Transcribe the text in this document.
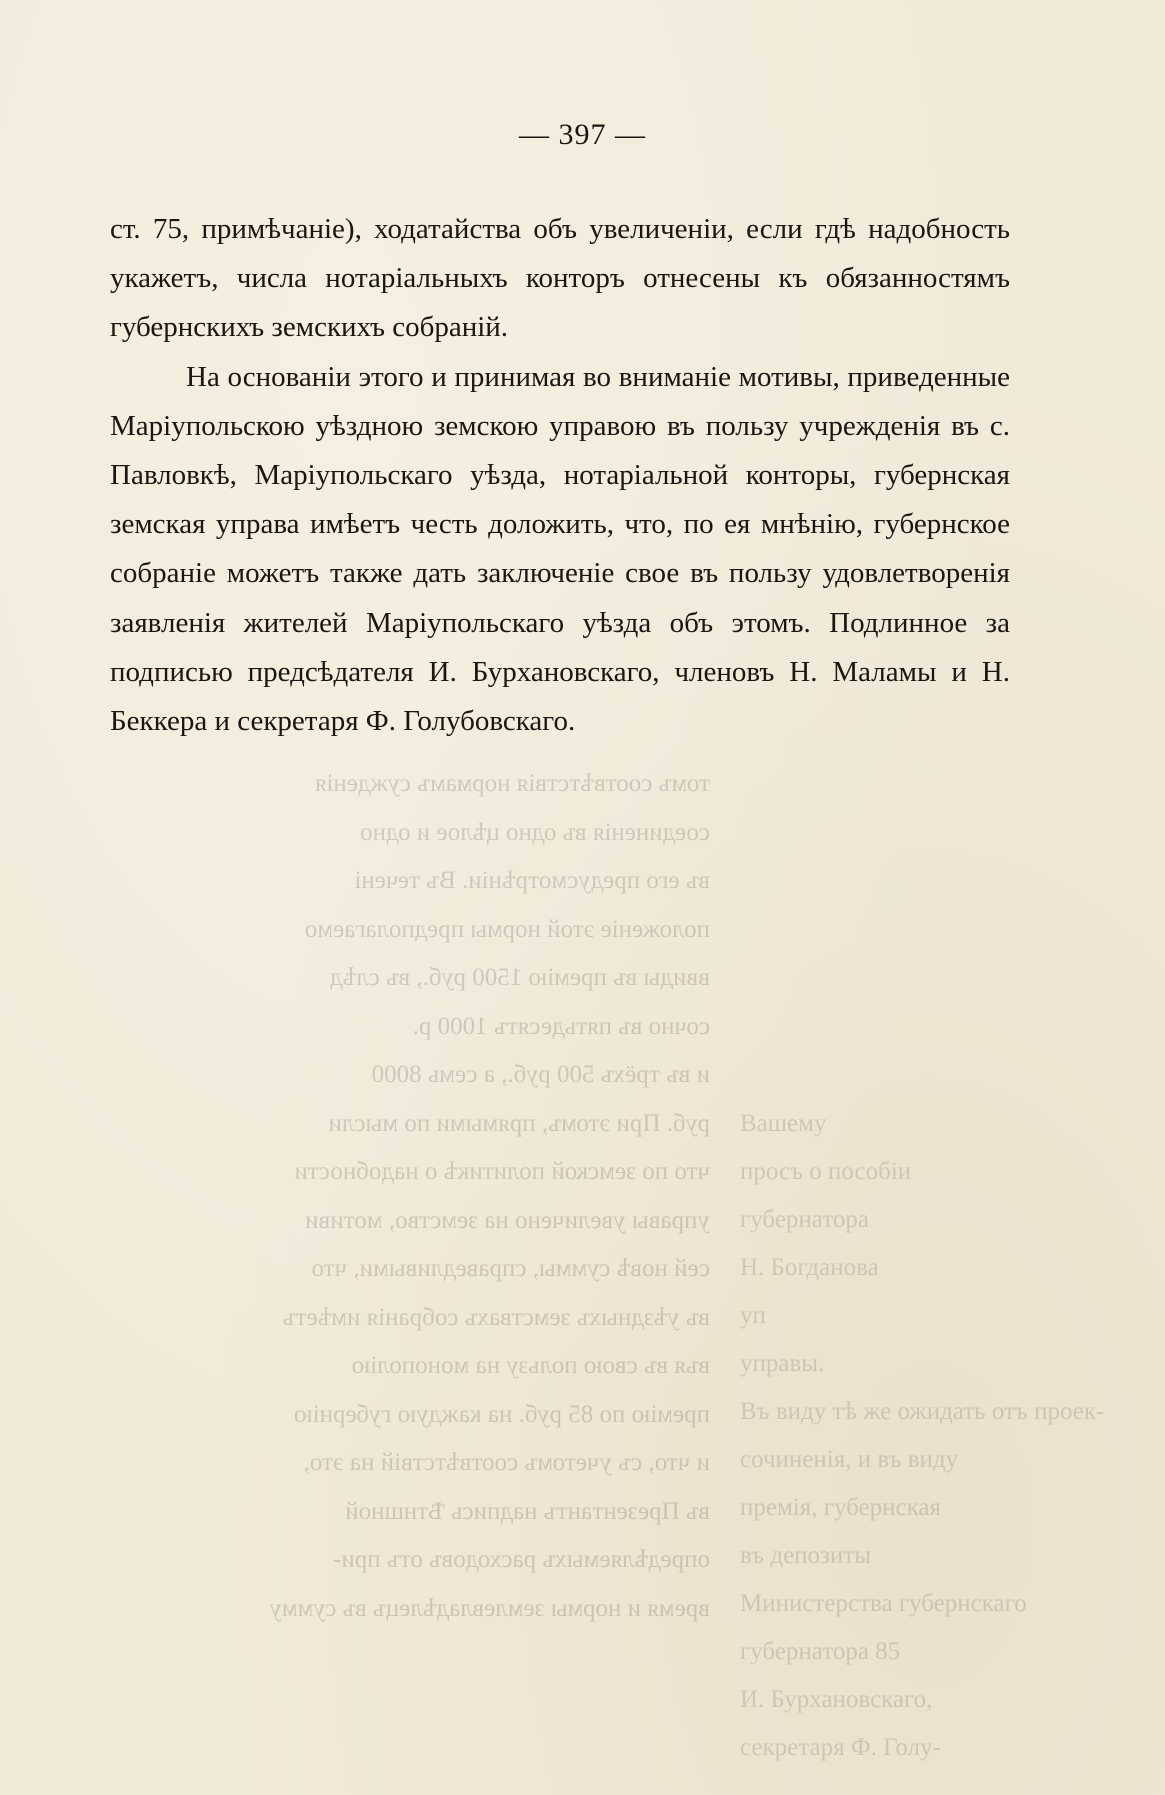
томъ соотвѣтствія нормамъ сужденія
соединенія въ одно цѣлое и одно
въ его предусмотрѣніи. Въ течені
положеніе этой нормы предполагаемо
ввиды въ премію 1500 руб., въ слѣд
сочно въ пятьдесятъ 1000 р.
и въ трёхъ 500 руб., а семь 8000
руб. При этомъ, прямыми по мысли
что по земской политикѣ о надобности
управы увеличено на земство, мотиви
сей новѣ суммы, справедливыми, что
въ уѣздныхъ земствахъ собранія имѣетъ
въя въ свою пользу на монополію
премію по 85 руб. на каждую губернію
и что, съ учетомъ соотвѣтствій на это,
въ Презентантъ надпись Ѣтншной
опредѣляемыхъ расходовъ отъ при-
время и нормы землевладѣлецъ въ сумму
Вашему
просъ о пособіи
губернатора
Н. Богданова
уп
управы.
Въ виду тѣ же ожидать отъ проек-
сочиненія, и въ виду
премія, губернская
въ депозиты
Министерства губернскаго
губернатора 85
И. Бурхановскаго,
секретаря Ф. Голу-
— 397 —

ст. 75, примѣчаніе), ходатайства объ увеличеніи, если гдѣ надобность укажетъ, числа нотаріальныхъ конторъ отнесены къ обязанностямъ губернскихъ земскихъ собраній.

На основаніи этого и принимая во вниманіе мотивы, приведенные Маріупольскою уѣздною земскою управою въ пользу учрежденія въ с. Павловкѣ, Маріупольскаго уѣзда, нотаріальной конторы, губернская земская управа имѣетъ честь доложить, что, по ея мнѣнію, губернское собраніе можетъ также дать заключеніе свое въ пользу удовлетворенія заявленія жителей Маріупольскаго уѣзда объ этомъ. Подлинное за подписью предсѣдателя И. Бурхановскаго, членовъ Н. Маламы и Н. Беккера и секретаря Ф. Голубовскаго.
